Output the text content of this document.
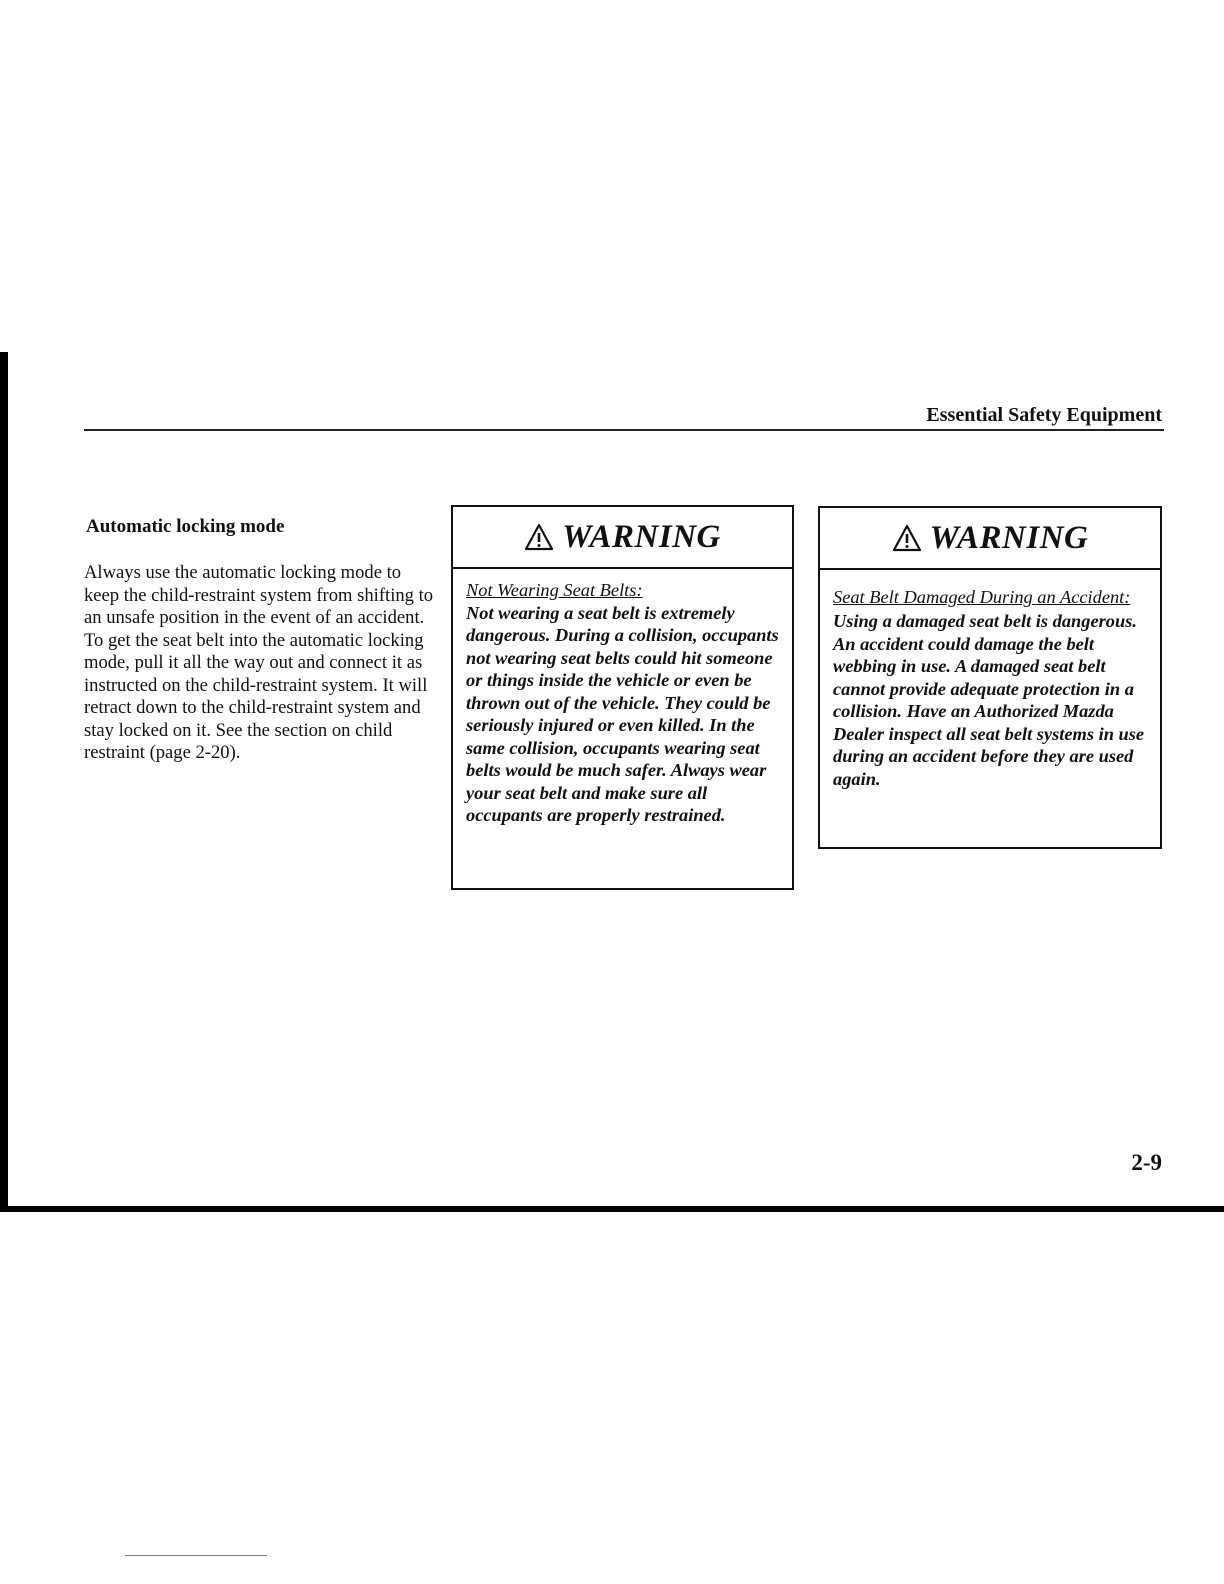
Essential Safety Equipment
Automatic locking mode
Always use the automatic locking mode to keep the child-restraint system from shifting to an unsafe position in the event of an accident. To get the seat belt into the automatic locking mode, pull it all the way out and connect it as instructed on the child-restraint system. It will retract down to the child-restraint system and stay locked on it. See the section on child restraint (page 2-20).
WARNING
Not Wearing Seat Belts:
Not wearing a seat belt is extremely dangerous. During a collision, occupants not wearing seat belts could hit someone or things inside the vehicle or even be thrown out of the vehicle. They could be seriously injured or even killed. In the same collision, occupants wearing seat belts would be much safer. Always wear your seat belt and make sure all occupants are properly restrained.
WARNING
Seat Belt Damaged During an Accident:
Using a damaged seat belt is dangerous. An accident could damage the belt webbing in use. A damaged seat belt cannot provide adequate protection in a collision. Have an Authorized Mazda Dealer inspect all seat belt systems in use during an accident before they are used again.
2-9
